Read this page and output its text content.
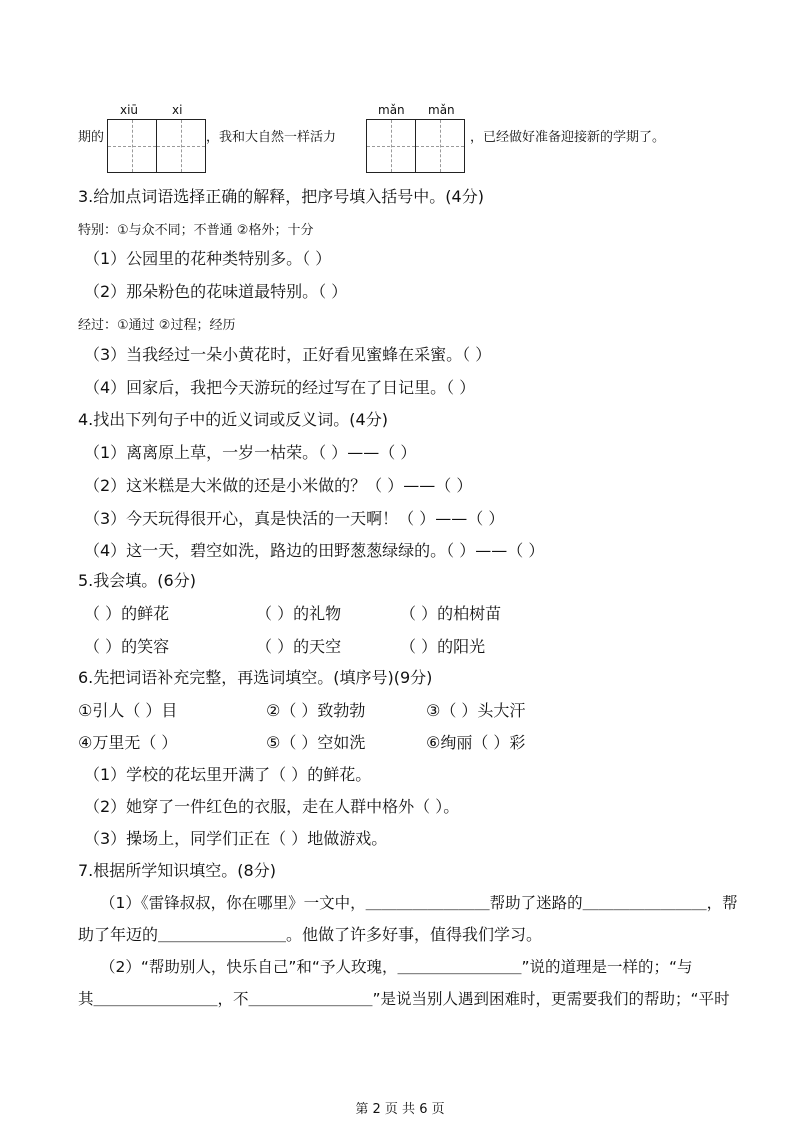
期的
xiū	xi
，我和大自然一样活力
mǎn mǎn
，已经做好准备迎接新的学期了。
3.给加点词语选择正确的解释，把序号填入括号中。(4分)
特别：①与众不同；不普通 ②格外；十分
（1）公园里的花种类特别多。（ ）
（2）那朵粉色的花味道最特别。（ ）
经过：①通过 ②过程；经历
（3）当我经过一朵小黄花时，正好看见蜜蜂在采蜜。（ ）
（4）回家后，我把今天游玩的经过写在了日记里。（ ）
4.找出下列句子中的近义词或反义词。(4分)
（1）离离原上草，一岁一枯荣。（ ）——（ ）
（2）这米糕是大米做的还是小米做的？（ ）——（ ）
（3）今天玩得很开心，真是快活的一天啊！（ ）——（ ）
（4）这一天，碧空如洗，路边的田野葱葱绿绿的。（ ）——（ ）
5.我会填。(6分)
（ ）的鲜花	（ ）的礼物	（ ）的柏树苗
（ ）的笑容	（ ）的天空	（ ）的阳光
6.先把词语补充完整，再选词填空。(填序号)(9分)
①引人（ ）目	②（ ）致勃勃	③（ ）头大汗
④万里无（ ）	⑤（ ）空如洗	⑥绚丽（ ）彩
（1）学校的花坛里开满了（ ）的鲜花。
（2）她穿了一件红色的衣服，走在人群中格外（ ）。
（3）操场上，同学们正在（ ）地做游戏。
7.根据所学知识填空。(8分)
（1）《雷锋叔叔，你在哪里》一文中，＿＿＿＿＿＿＿＿帮助了迷路的＿＿＿＿＿＿＿＿，帮
助了年迈的＿＿＿＿＿＿＿＿。他做了许多好事，值得我们学习。
（2）“帮助别人，快乐自己”和“予人玫瑰，＿＿＿＿＿＿＿＿”说的道理是一样的；“与
其＿＿＿＿＿＿＿＿，不＿＿＿＿＿＿＿＿”是说当别人遇到困难时，更需要我们的帮助；“平时
第 2 页 共 6 页
